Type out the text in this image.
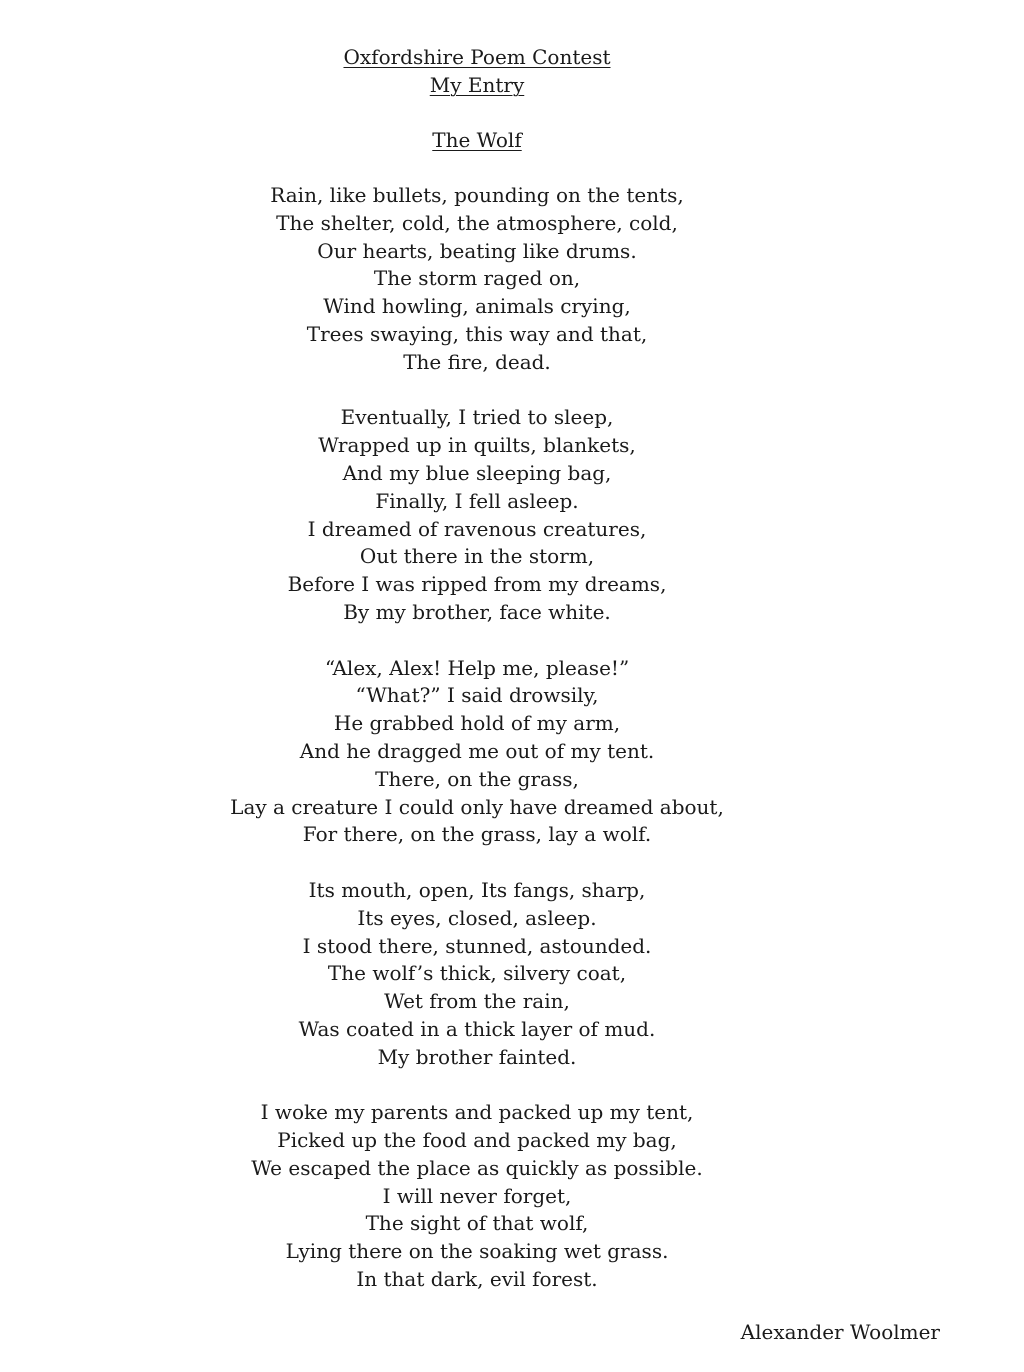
Oxfordshire Poem Contest
My Entry
The Wolf
Rain, like bullets, pounding on the tents,
The shelter, cold, the atmosphere, cold,
Our hearts, beating like drums.
The storm raged on,
Wind howling, animals crying,
Trees swaying, this way and that,
The fire, dead.
Eventually, I tried to sleep,
Wrapped up in quilts, blankets,
And my blue sleeping bag,
Finally, I fell asleep.
I dreamed of ravenous creatures,
Out there in the storm,
Before I was ripped from my dreams,
By my brother, face white.
“Alex, Alex! Help me, please!”
“What?” I said drowsily,
He grabbed hold of my arm,
And he dragged me out of my tent.
There, on the grass,
Lay a creature I could only have dreamed about,
For there, on the grass, lay a wolf.
Its mouth, open, Its fangs, sharp,
Its eyes, closed, asleep.
I stood there, stunned, astounded.
The wolf’s thick, silvery coat,
Wet from the rain,
Was coated in a thick layer of mud.
My brother fainted.
I woke my parents and packed up my tent,
Picked up the food and packed my bag,
We escaped the place as quickly as possible.
I will never forget,
The sight of that wolf,
Lying there on the soaking wet grass.
In that dark, evil forest.
Alexander Woolmer
